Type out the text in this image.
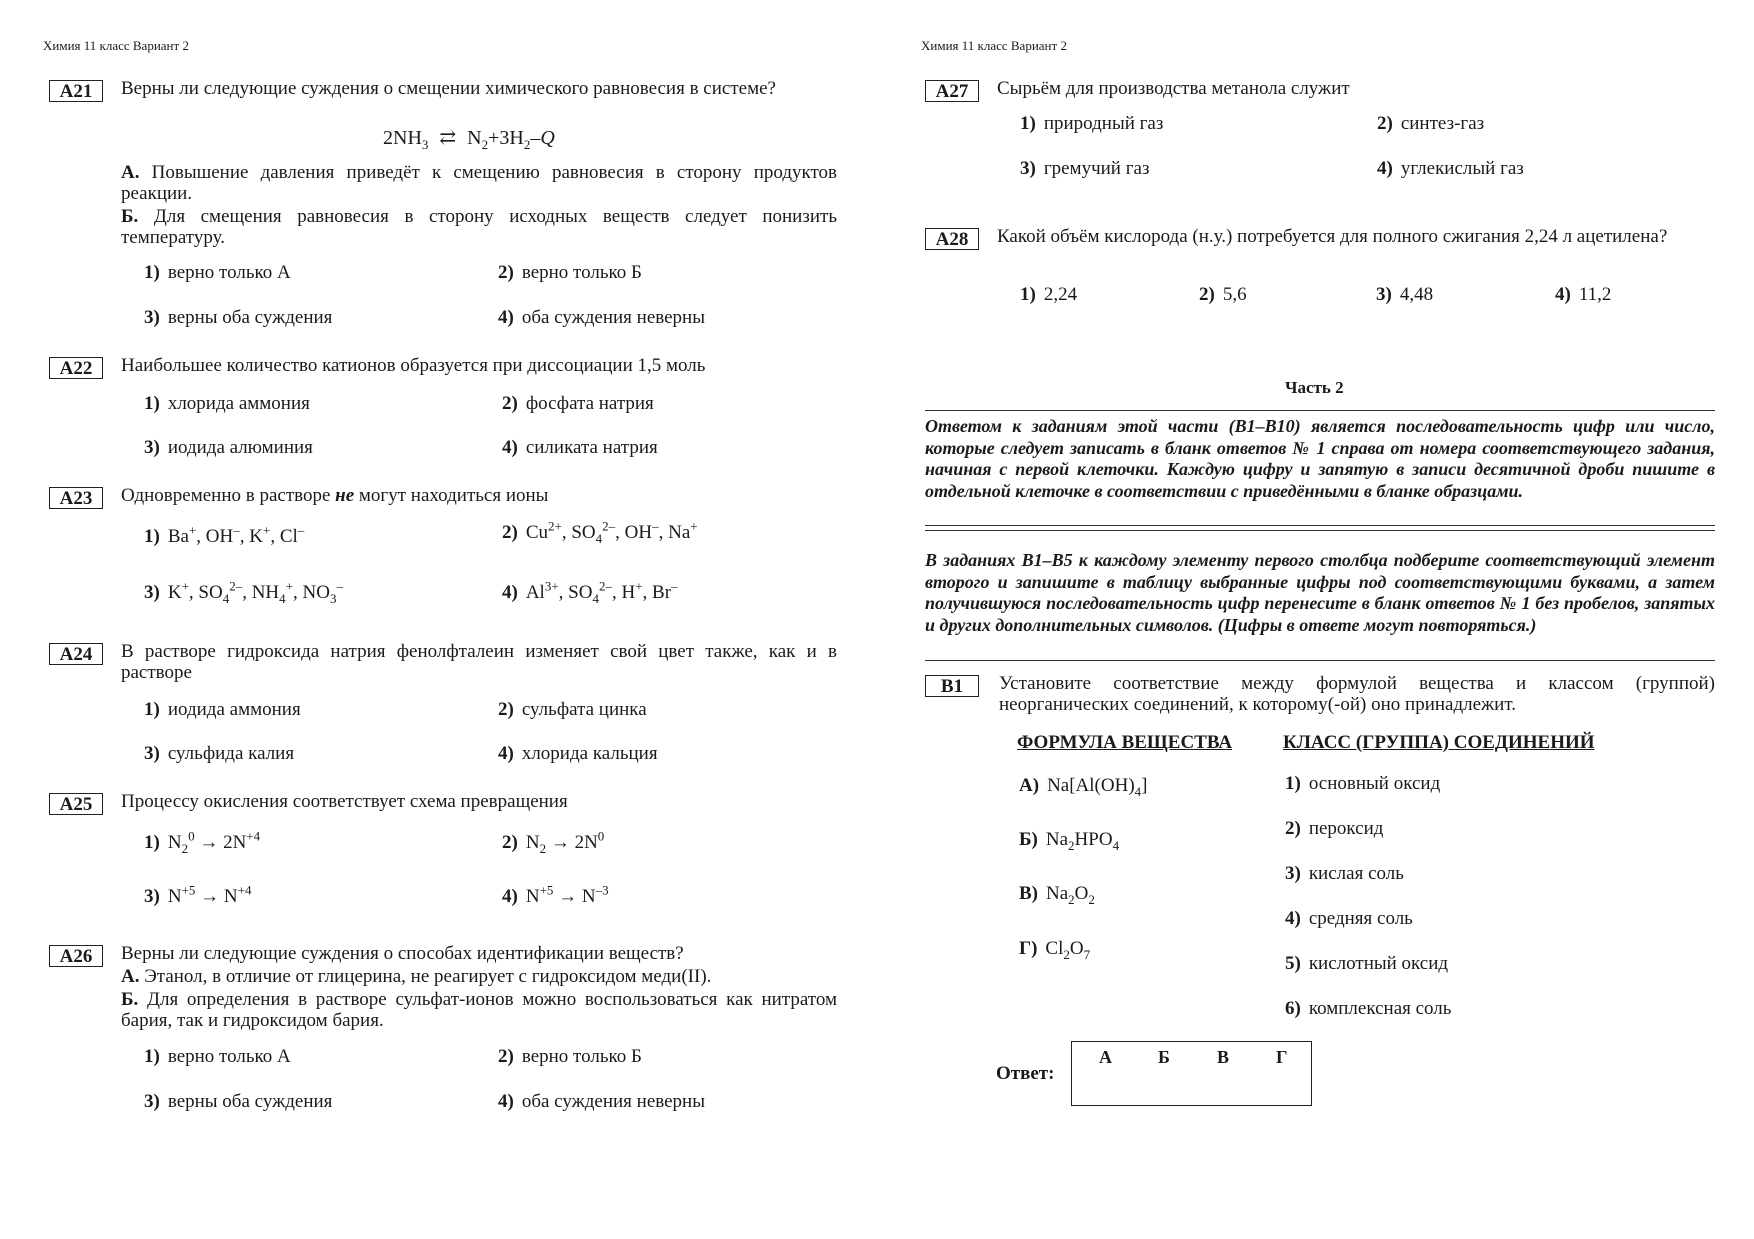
Химия 11 класс Вариант 2
A21	Верны ли следующие суждения о смещении химического равновесия в системе?
$2NH_3$ ⇄ $N_2+3H_2-Q$
А. Повышение давления приведёт к смещению равновесия в сторону продуктов реакции.
Б. Для смещения равновесия в сторону исходных веществ следует понизить температуру.
1) верно только А	2) верно только Б
3) верны оба суждения	4) оба суждения неверны
A22	Наибольшее количество катионов образуется при диссоциации 1,5 моль
1) хлорида аммония	2) фосфата натрия
3) иодида алюминия	4) силиката натрия
A23	Одновременно в растворе не могут находиться ионы
1) Ba+, OH–, K+, Cl–	2) $Cu^{2+}$, $SO_4^{2-}$, OH–, Na+
3) K+, $SO_4^{2-}$, $NH_4^+$, $NO_3^-$	4) $Al^{3+}$, $SO_4^{2-}$, H+, Br–
A24	В растворе гидроксида натрия фенолфталеин изменяет свой цвет также, как и в растворе
1) иодида аммония	2) сульфата цинка
3) сульфида калия	4) хлорида кальция
A25	Процессу окисления соответствует схема превращения
1) $N_2^0 \to 2N^{+4}$	2) $N_2 \to 2N^0$
3) $N^{+5} \to N^{+4}$	4) $N^{+5} \to N^{-3}$
A26	Верны ли следующие суждения о способах идентификации веществ?
А. Этанол, в отличие от глицерина, не реагирует с гидроксидом меди(II).
Б. Для определения в растворе сульфат-ионов можно воспользоваться как нитратом бария, так и гидроксидом бария.
1) верно только А	2) верно только Б
3) верны оба суждения	4) оба суждения неверны
Химия 11 класс Вариант 2
A27	Сырьём для производства метанола служит
1) природный газ	2) синтез-газ
3) гремучий газ	4) углекислый газ
A28	Какой объём кислорода (н.у.) потребуется для полного сжигания 2,24 л ацетилена?
1) 2,24	2) 5,6	3) 4,48	4) 11,2
Часть 2
Ответом к заданиям этой части (В1–В10) является последовательность цифр или число, которые следует записать в бланк ответов № 1 справа от номера соответствующего задания, начиная с первой клеточки. Каждую цифру и запятую в записи десятичной дроби пишите в отдельной клеточке в соответствии с приведёнными в бланке образцами.
В заданиях В1–В5 к каждому элементу первого столбца подберите соответствующий элемент второго и запишите в таблицу выбранные цифры под соответствующими буквами, а затем получившуюся последовательность цифр перенесите в бланк ответов № 1 без пробелов, запятых и других дополнительных символов. (Цифры в ответе могут повторяться.)
B1	Установите соответствие между формулой вещества и классом (группой) неорганических соединений, к которому(-ой) оно принадлежит.
ФОРМУЛА ВЕЩЕСТВА	КЛАСС (ГРУППА) СОЕДИНЕНИЙ
А) $Na[Al(OH)_4]$
Б) $Na_2HPO_4$
В) $Na_2O_2$
Г) $Cl_2O_7$
1) основный оксид
2) пероксид
3) кислая соль
4) средняя соль
5) кислотный оксид
6) комплексная соль
Ответ:
А	Б	В	Г
